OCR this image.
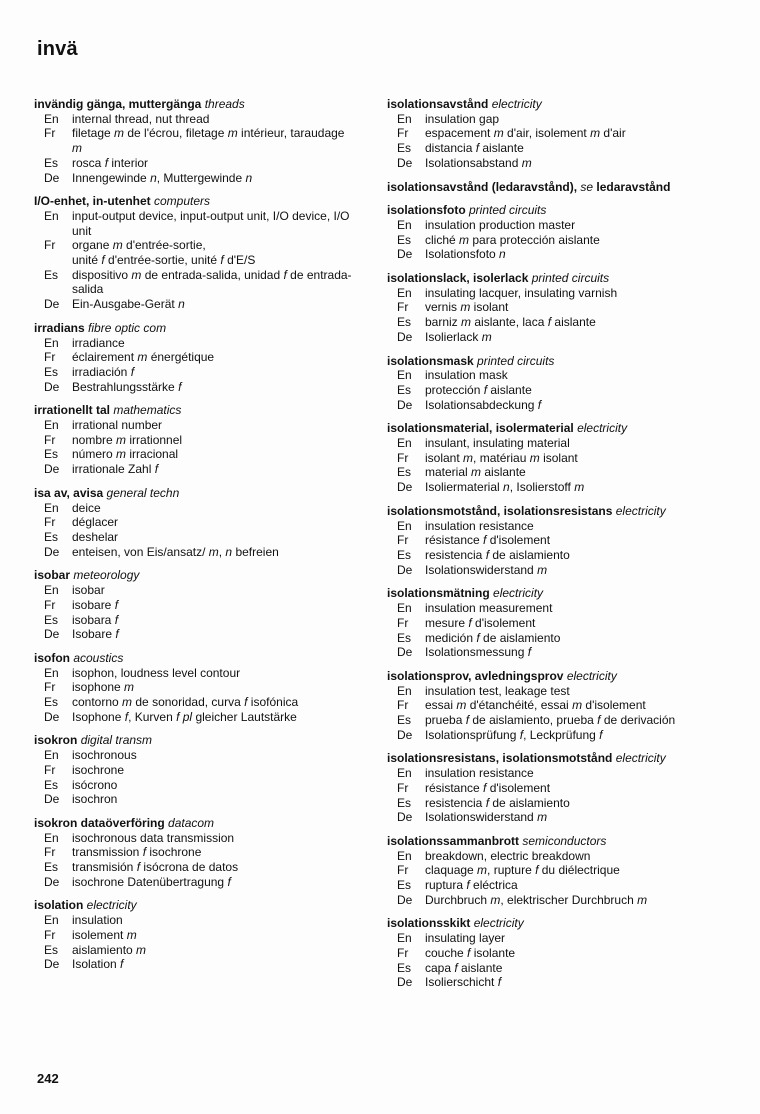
invä
invändig gänga, muttergänga threads
En	internal thread, nut thread
Fr	filetage m de l'écrou, filetage m intérieur, taraudage m
Es	rosca f interior
De	Innengewinde n, Muttergewinde n
I/O-enhet, in-utenhet computers
En	input-output device, input-output unit, I/O device, I/O unit
Fr	organe m d'entrée-sortie,
unité f d'entrée-sortie, unité f d'E/S
Es	dispositivo m de entrada-salida, unidad f de entrada-salida
De	Ein-Ausgabe-Gerät n
irradians fibre optic com
En	irradiance
Fr	éclairement m énergétique
Es	irradiación f
De	Bestrahlungsstärke f
irrationellt tal mathematics
En	irrational number
Fr	nombre m irrationnel
Es	número m irracional
De	irrationale Zahl f
isa av, avisa general techn
En	deice
Fr	déglacer
Es	deshelar
De	enteisen, von Eis/ansatz/ m, n befreien
isobar meteorology
En	isobar
Fr	isobare f
Es	isobara f
De	Isobare f
isofon acoustics
En	isophon, loudness level contour
Fr	isophone m
Es	contorno m de sonoridad, curva f isofónica
De	Isophone f, Kurven f pl gleicher Lautstärke
isokron digital transm
En	isochronous
Fr	isochrone
Es	isócrono
De	isochron
isokron dataöverföring datacom
En	isochronous data transmission
Fr	transmission f isochrone
Es	transmisión f isócrona de datos
De	isochrone Datenübertragung f
isolation electricity
En	insulation
Fr	isolement m
Es	aislamiento m
De	Isolation f
isolationsavstånd electricity
En	insulation gap
Fr	espacement m d'air, isolement m d'air
Es	distancia f aislante
De	Isolationsabstand m
isolationsavstånd (ledaravstånd), se ledaravstånd
isolationsfoto printed circuits
En	insulation production master
Es	cliché m para protección aislante
De	Isolationsfoto n
isolationslack, isolerlack printed circuits
En	insulating lacquer, insulating varnish
Fr	vernis m isolant
Es	barniz m aislante, laca f aislante
De	Isolierlack m
isolationsmask printed circuits
En	insulation mask
Es	protección f aislante
De	Isolationsabdeckung f
isolationsmaterial, isolermaterial electricity
En	insulant, insulating material
Fr	isolant m, matériau m isolant
Es	material m aislante
De	Isoliermaterial n, Isolierstoff m
isolationsmotstånd, isolationsresistans electricity
En	insulation resistance
Fr	résistance f d'isolement
Es	resistencia f de aislamiento
De	Isolationswiderstand m
isolationsmätning electricity
En	insulation measurement
Fr	mesure f d'isolement
Es	medición f de aislamiento
De	Isolationsmessung f
isolationsprov, avledningsprov electricity
En	insulation test, leakage test
Fr	essai m d'étanchéité, essai m d'isolement
Es	prueba f de aislamiento, prueba f de derivación
De	Isolationsprüfung f, Leckprüfung f
isolationsresistans, isolationsmotstånd electricity
En	insulation resistance
Fr	résistance f d'isolement
Es	resistencia f de aislamiento
De	Isolationswiderstand m
isolationssammanbrott semiconductors
En	breakdown, electric breakdown
Fr	claquage m, rupture f du diélectrique
Es	ruptura f eléctrica
De	Durchbruch m, elektrischer Durchbruch m
isolationsskikt electricity
En	insulating layer
Fr	couche f isolante
Es	capa f aislante
De	Isolierschicht f
242
